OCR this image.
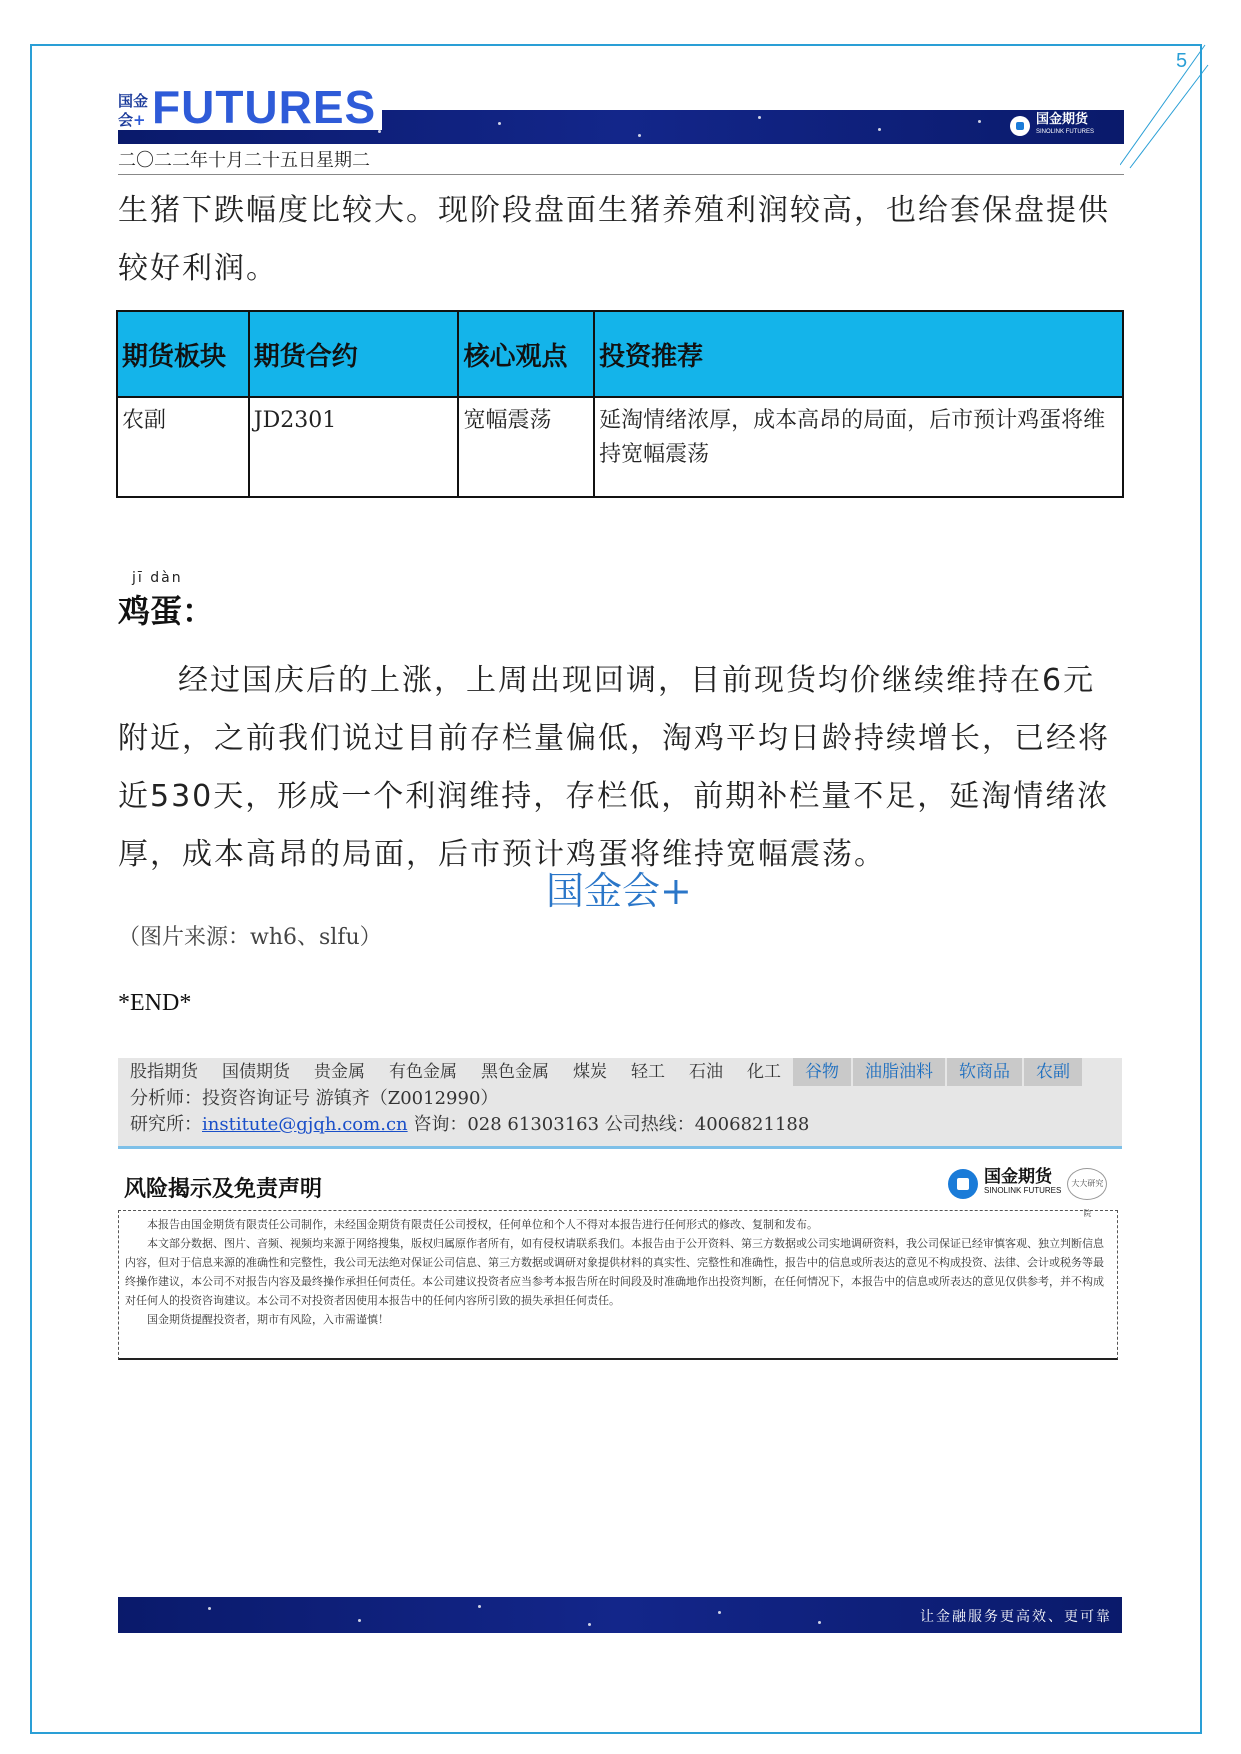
5
国金
会+ FUTURES	国金期货
SINOLINK FUTURES
二〇二二年十月二十五日星期二

生猪下跌幅度比较大。现阶段盘面生猪养殖利润较高，也给套保盘提供较好利润。

期货板块	期货合约	核心观点	投资推荐
农副	JD2301	宽幅震荡	延淘情绪浓厚，成本高昂的局面，后市预计鸡蛋将维持宽幅震荡
jī dàn
鸡蛋：

经过国庆后的上涨，上周出现回调，目前现货均价继续维持在6元附近，之前我们说过目前存栏量偏低，淘鸡平均日龄持续增长，已经将近530天，形成一个利润维持，存栏低，前期补栏量不足，延淘情绪浓厚，成本高昂的局面，后市预计鸡蛋将维持宽幅震荡。

国金会+
（图片来源：wh6、slfu）
*END*
股指期货	国债期货	贵金属	有色金属	黑色金属	煤炭	轻工	石油	化工	谷物	油脂油料	软商品	农副
分析师：投资咨询证号 游镇齐（Z0012990）
研究所：institute@gjqh.com.cn 咨询：028 61303163 公司热线：4006821188
风险揭示及免责声明	国金期货
SINOLINK FUTURES
大大研究院

本报告由国金期货有限责任公司制作，未经国金期货有限责任公司授权，任何单位和个人不得对本报告进行任何形式的修改、复制和发布。

本文部分数据、图片、音频、视频均来源于网络搜集，版权归属原作者所有，如有侵权请联系我们。本报告由于公开资料、第三方数据或公司实地调研资料，我公司保证已经审慎客观、独立判断信息内容，但对于信息来源的准确性和完整性，我公司无法绝对保证公司信息、第三方数据或调研对象提供材料的真实性、完整性和准确性，报告中的信息或所表达的意见不构成投资、法律、会计或税务等最终操作建议，本公司不对报告内容及最终操作承担任何责任。本公司建议投资者应当参考本报告所在时间段及时准确地作出投资判断，在任何情况下，本报告中的信息或所表达的意见仅供参考，并不构成对任何人的投资咨询建议。本公司不对投资者因使用本报告中的任何内容所引致的损失承担任何责任。

国金期货提醒投资者，期市有风险，入市需谨慎！

让金融服务更高效、更可靠
